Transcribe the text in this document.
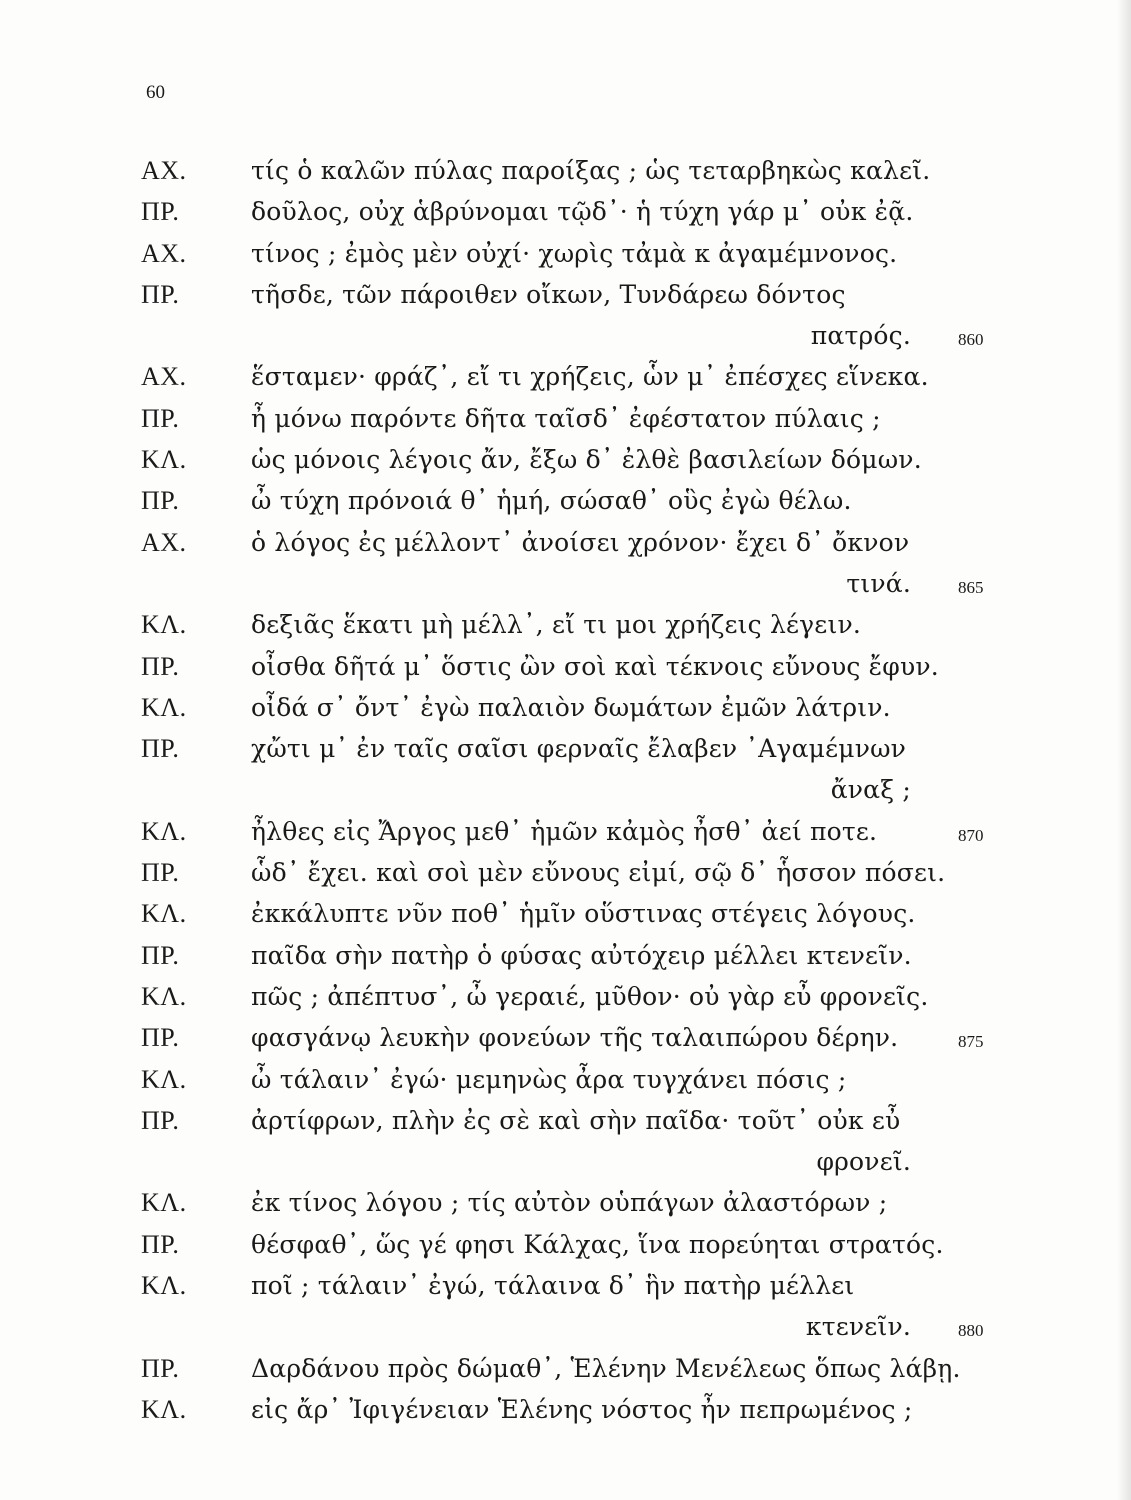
60
ΑΧ.	τίς ὁ καλῶν πύλας παροίξας ; ὡς τεταρβηκὼς καλεῖ.
ΠΡ.	δοῦλος, οὐχ ἁβρύνομαι τῷδ᾽· ἡ τύχη γάρ μ᾽ οὐκ ἐᾷ.
ΑΧ.	τίνος ; ἐμὸς μὲν οὐχί· χωρὶς τἀμὰ κ ἀγαμέμνονος.
ΠΡ.	τῆσδε, τῶν πάροιθεν οἴκων, Τυνδάρεω δόντος
πατρός.	860
ΑΧ.	ἕσταμεν· φράζ᾽, εἴ τι χρήζεις, ὧν μ᾽ ἐπέσχες εἵνεκα.
ΠΡ.	ἦ μόνω παρόντε δῆτα ταῖσδ᾽ ἐφέστατον πύλαις ;
ΚΛ.	ὡς μόνοις λέγοις ἄν, ἔξω δ᾽ ἐλθὲ βασιλείων δόμων.
ΠΡ.	ὦ τύχη πρόνοιά θ᾽ ἡμή, σώσαθ᾽ οὓς ἐγὼ θέλω.
ΑΧ.	ὁ λόγος ἐς μέλλοντ᾽ ἀνοίσει χρόνον· ἔχει δ᾽ ὄκνον
τινά.	865
ΚΛ.	δεξιᾶς ἕκατι μὴ μέλλ᾽, εἴ τι μοι χρήζεις λέγειν.
ΠΡ.	οἶσθα δῆτά μ᾽ ὅστις ὢν σοὶ καὶ τέκνοις εὔνους ἔφυν.
ΚΛ.	οἶδά σ᾽ ὄντ᾽ ἐγὼ παλαιὸν δωμάτων ἐμῶν λάτριν.
ΠΡ.	χὤτι μ᾽ ἐν ταῖς σαῖσι φερναῖς ἔλαβεν ᾽Αγαμέμνων
ἄναξ ;
ΚΛ.	ἦλθες εἰς Ἄργος μεθ᾽ ἡμῶν κἀμὸς ἦσθ᾽ ἀεί ποτε.	870
ΠΡ.	ὧδ᾽ ἔχει. καὶ σοὶ μὲν εὔνους εἰμί, σῷ δ᾽ ἧσσον πόσει.
ΚΛ.	ἐκκάλυπτε νῦν ποθ᾽ ἡμῖν οὕστινας στέγεις λόγους.
ΠΡ.	παῖδα σὴν πατὴρ ὁ φύσας αὐτόχειρ μέλλει κτενεῖν.
ΚΛ.	πῶς ; ἀπέπτυσ᾽, ὦ γεραιέ, μῦθον· οὐ γὰρ εὖ φρονεῖς.
ΠΡ.	φασγάνῳ λευκὴν φονεύων τῆς ταλαιπώρου δέρην.	875
ΚΛ.	ὦ τάλαιν᾽ ἐγώ· μεμηνὼς ἆρα τυγχάνει πόσις ;
ΠΡ.	ἀρτίφρων, πλὴν ἐς σὲ καὶ σὴν παῖδα· τοῦτ᾽ οὐκ εὖ
φρονεῖ.
ΚΛ.	ἐκ τίνος λόγου ; τίς αὐτὸν οὑπάγων ἀλαστόρων ;
ΠΡ.	θέσφαθ᾽, ὥς γέ φησι Κάλχας, ἵνα πορεύηται στρατός.
ΚΛ.	ποῖ ; τάλαιν᾽ ἐγώ, τάλαινα δ᾽ ἣν πατὴρ μέλλει
κτενεῖν.	880
ΠΡ.	Δαρδάνου πρὸς δώμαθ᾽, Ἑλένην Μενέλεως ὅπως λάβῃ.
ΚΛ.	εἰς ἄρ᾽ Ἰφιγένειαν Ἑλένης νόστος ἦν πεπρωμένος ;
